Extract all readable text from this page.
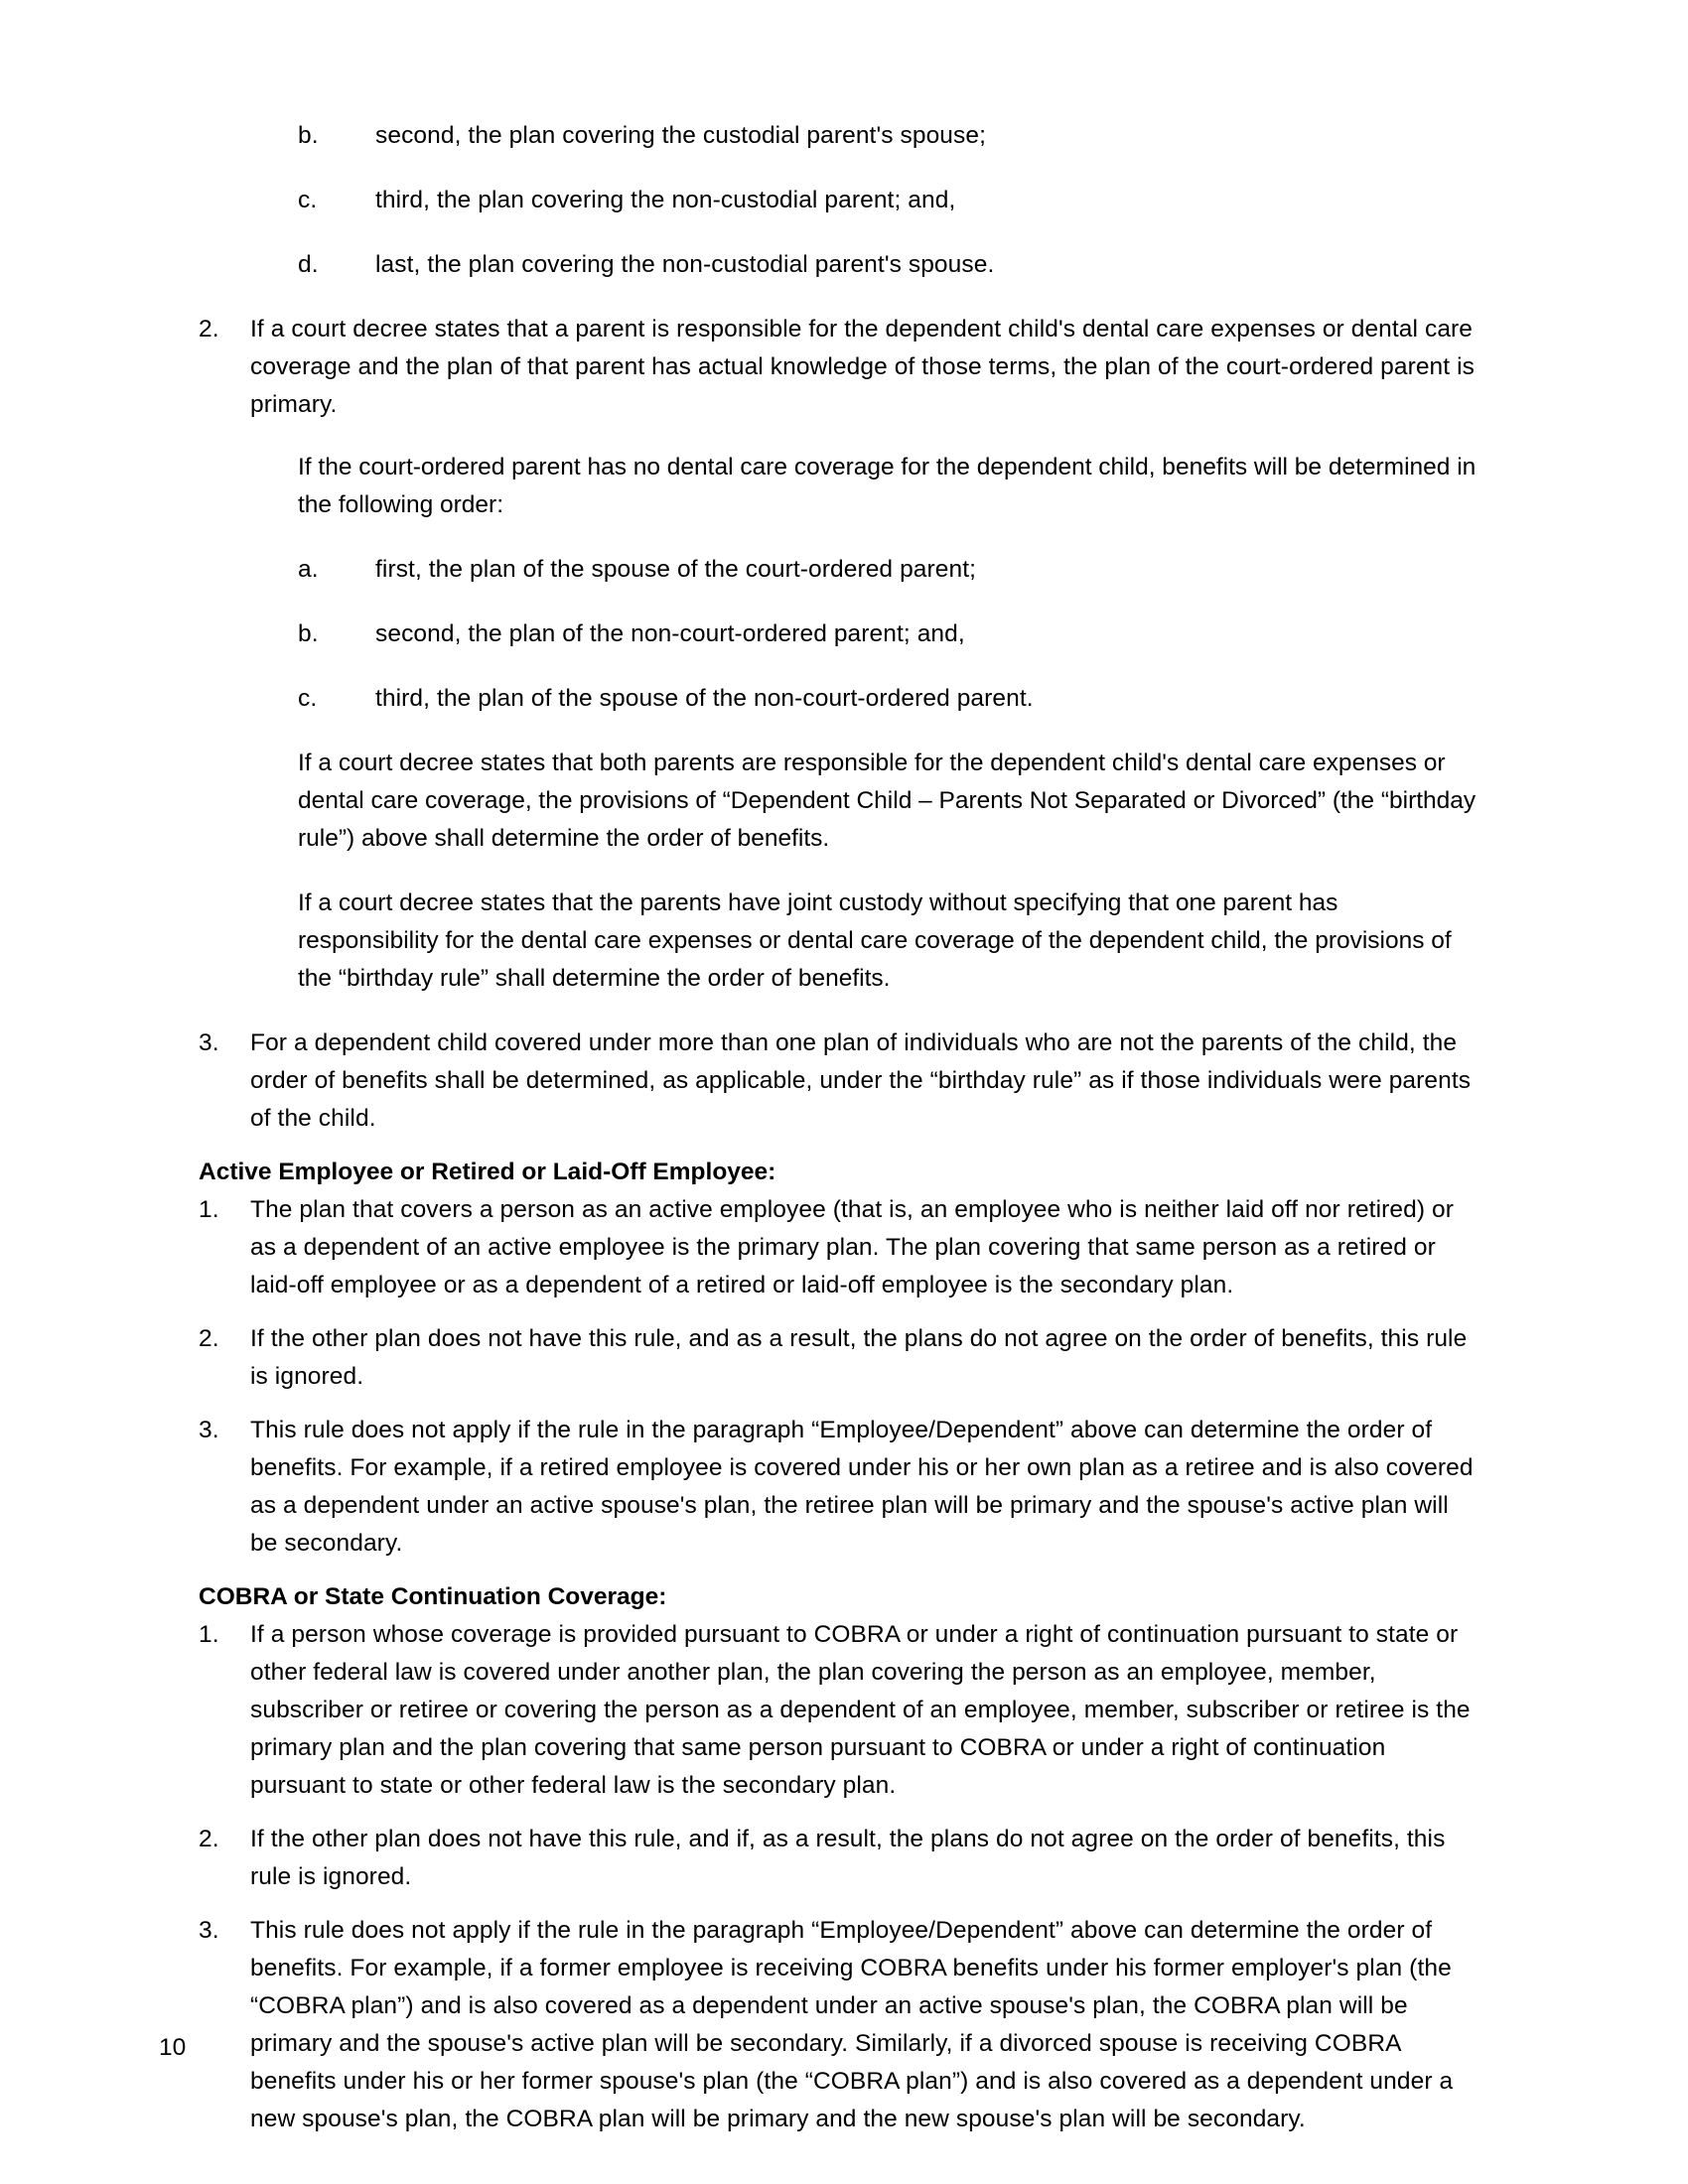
b.	second, the plan covering the custodial parent's spouse;
c.	third, the plan covering the non-custodial parent; and,
d.	last, the plan covering the non-custodial parent's spouse.
2.	If a court decree states that a parent is responsible for the dependent child's dental care expenses or dental care coverage and the plan of that parent has actual knowledge of those terms, the plan of the court-ordered parent is primary.

If the court-ordered parent has no dental care coverage for the dependent child, benefits will be determined in the following order:

a.	first, the plan of the spouse of the court-ordered parent;
b.	second, the plan of the non-court-ordered parent; and,
c.	third, the plan of the spouse of the non-court-ordered parent.

If a court decree states that both parents are responsible for the dependent child's dental care expenses or dental care coverage, the provisions of “Dependent Child – Parents Not Separated or Divorced” (the “birthday rule”) above shall determine the order of benefits.

If a court decree states that the parents have joint custody without specifying that one parent has responsibility for the dental care expenses or dental care coverage of the dependent child, the provisions of the “birthday rule” shall determine the order of benefits.

3.	For a dependent child covered under more than one plan of individuals who are not the parents of the child, the order of benefits shall be determined, as applicable, under the “birthday rule” as if those individuals were parents of the child.
Active Employee or Retired or Laid-Off Employee:
1.	The plan that covers a person as an active employee (that is, an employee who is neither laid off nor retired) or as a dependent of an active employee is the primary plan. The plan covering that same person as a retired or laid-off employee or as a dependent of a retired or laid-off employee is the secondary plan.
2.	If the other plan does not have this rule, and as a result, the plans do not agree on the order of benefits, this rule is ignored.
3.	This rule does not apply if the rule in the paragraph “Employee/Dependent” above can determine the order of benefits. For example, if a retired employee is covered under his or her own plan as a retiree and is also covered as a dependent under an active spouse's plan, the retiree plan will be primary and the spouse's active plan will be secondary.
COBRA or State Continuation Coverage:
1.	If a person whose coverage is provided pursuant to COBRA or under a right of continuation pursuant to state or other federal law is covered under another plan, the plan covering the person as an employee, member, subscriber or retiree or covering the person as a dependent of an employee, member, subscriber or retiree is the primary plan and the plan covering that same person pursuant to COBRA or under a right of continuation pursuant to state or other federal law is the secondary plan.
2.	If the other plan does not have this rule, and if, as a result, the plans do not agree on the order of benefits, this rule is ignored.
3.	This rule does not apply if the rule in the paragraph “Employee/Dependent” above can determine the order of benefits. For example, if a former employee is receiving COBRA benefits under his former employer's plan (the “COBRA plan”) and is also covered as a dependent under an active spouse's plan, the COBRA plan will be primary and the spouse's active plan will be secondary. Similarly, if a divorced spouse is receiving COBRA benefits under his or her former spouse's plan (the “COBRA plan”) and is also covered as a dependent under a new spouse's plan, the COBRA plan will be primary and the new spouse's plan will be secondary.
10
